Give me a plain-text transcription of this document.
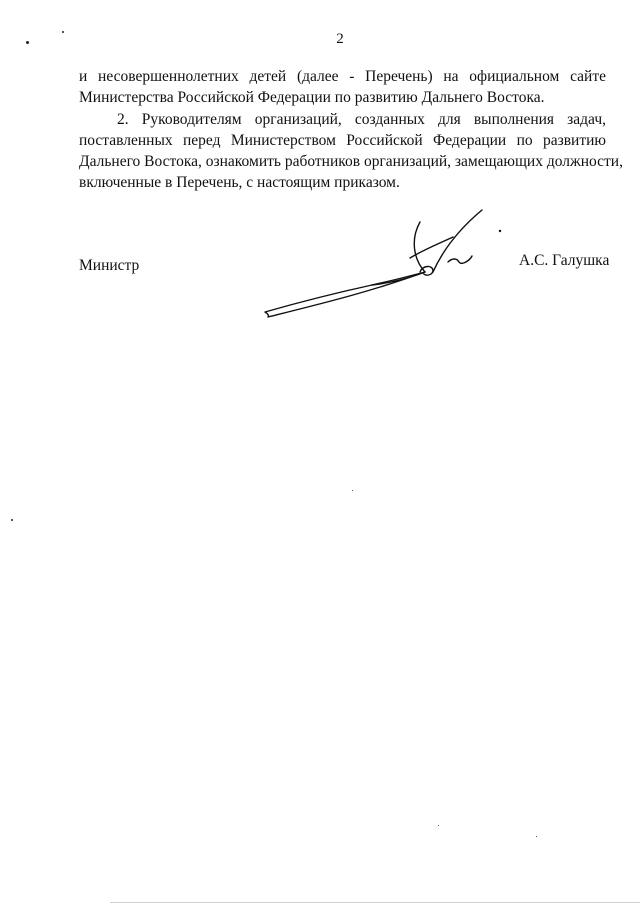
2
и несовершеннолетних детей (далее - Перечень) на официальном сайте
Министерства Российской Федерации по развитию Дальнего Востока.
2. Руководителям организаций, созданных для выполнения задач,
поставленных перед Министерством Российской Федерации по развитию
Дальнего Востока, ознакомить работников организаций, замещающих должности,
включенные в Перечень, с настоящим приказом.
Министр	А.С. Галушка
